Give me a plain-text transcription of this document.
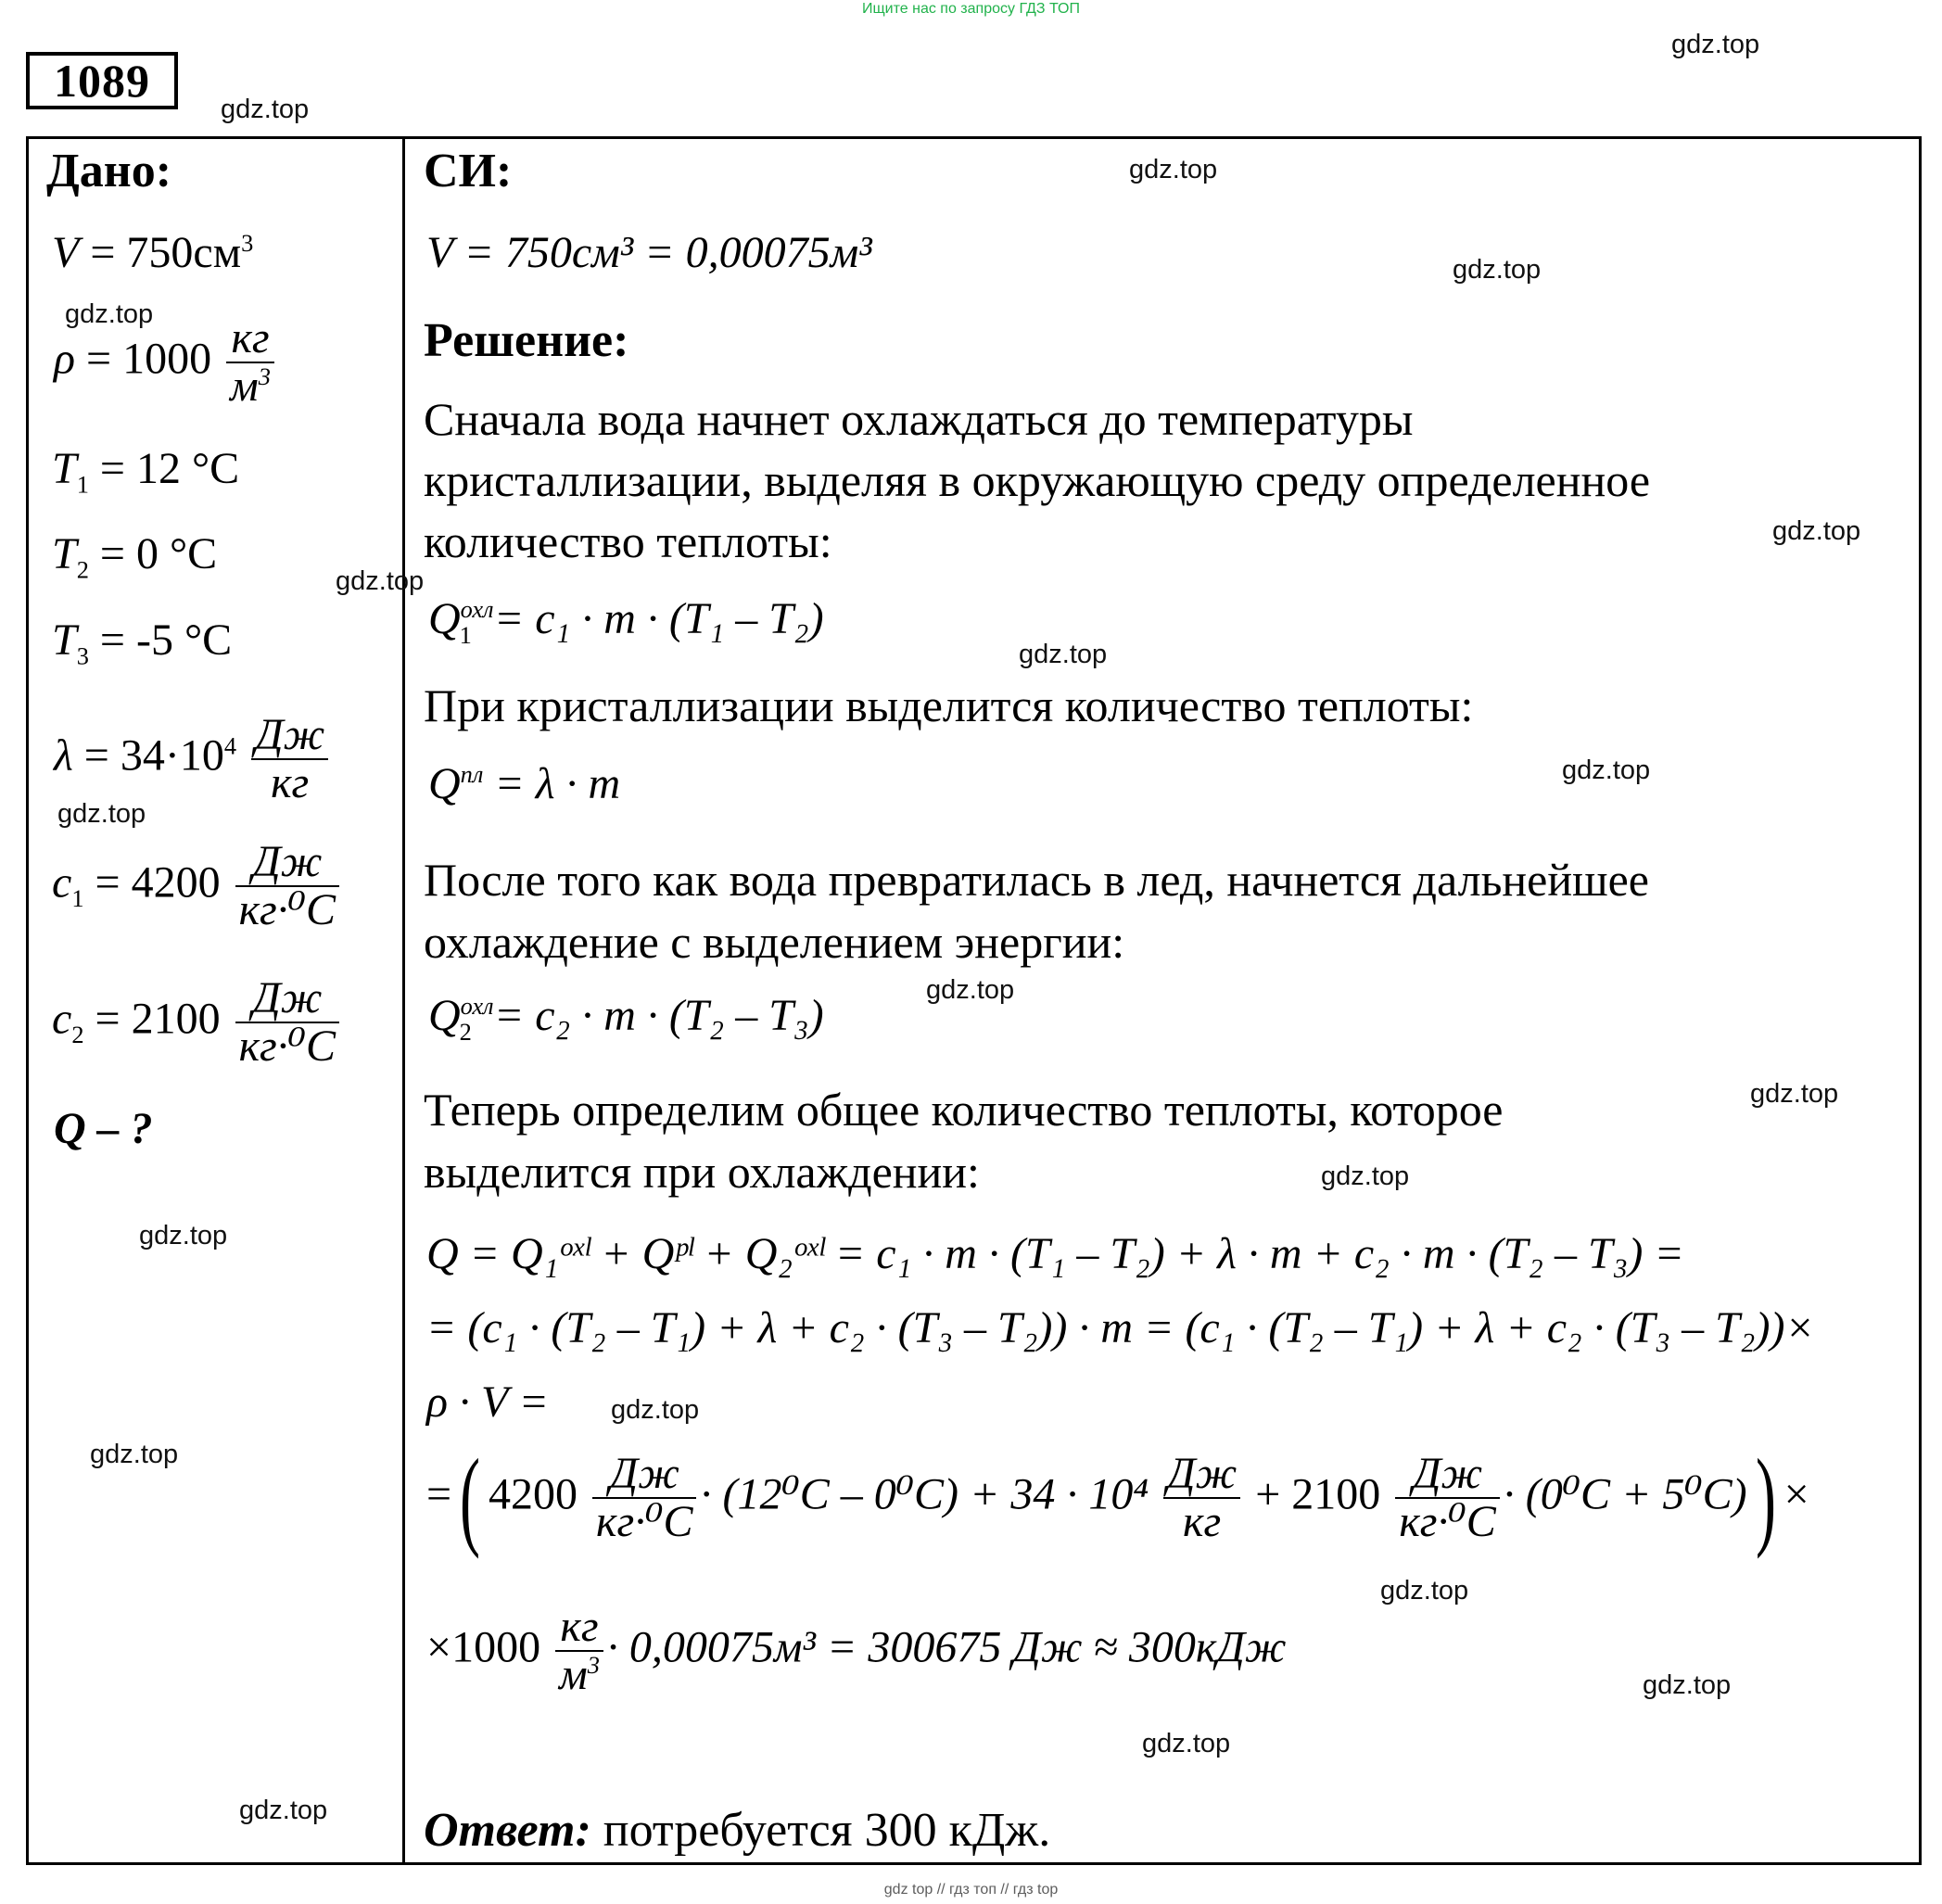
Ищите нас по запросу ГДЗ ТОП
1089
gdz.top
gdz.top
gdz.top
gdz.top
gdz.top
gdz.top
gdz.top
gdz.top
gdz.top
gdz.top
gdz.top
gdz.top
gdz.top
gdz.top
gdz.top
gdz.top
gdz.top
gdz.top
gdz.top
gdz.top
Дано:
$V = 750см^3$
$\rho = 1000 \frac{кг}{м^3}$
$T_1 = 12$ °C
$T_2 = 0$ °C
$T_3 = -5$ °C
$\lambda = 34\cdot 10^4 \frac{Дж}{кг}$
$c_1 = 4200 \frac{Дж}{\text{кг·⁰C}}$
$c_2 = 2100 \frac{Дж}{\text{кг·⁰C}}$
Q – ?
СИ:
V = 750см³ = 0,00075м³
Решение:
Сначала вода начнет охлаждаться до температуры
кристаллизации, выделяя в окружающую среду определенное
количество теплоты:
$Q^{охл}_1 = c_1 \cdot m \cdot (T_1 - T_2)$
При кристаллизации выделится количество теплоты:
$Q^{пл} = \lambda \cdot m$
После того как вода превратилась в лед, начнется дальнейшее
охлаждение с выделением энергии:
$Q^{охл}_2 = c_2 \cdot m \cdot (T_2 - T_3)$
Теперь определим общее количество теплоты, которое
выделится при охлаждении:
Q = Q₁ᵒˣˡ + Qᵖˡ + Q₂ᵒˣˡ = c₁ · m · (T₁ – T₂) + λ · m + c₂ · m · (T₂ – T₃) =
= (c₁ · (T₂ – T₁) + λ + c₂ · (T₃ – T₂)) · m = (c₁ · (T₂ – T₁) + λ + c₂ · (T₃ – T₂))×
ρ · V =
=( $4200 \frac{Дж}{\text{кг·⁰C}} \cdot (12^0C - 0^0C) + 34 \cdot 10^4 \frac{Дж}{кг} + 2100 \frac{Дж}{\text{кг·⁰C}} \cdot (0^0C + 5^0C)$) ×
$\times 1000 \frac{кг}{м^3} \cdot 0,00075м^3 = 300675$ Дж ≈ 300кДж
Ответ: потребуется 300 кДж.
gdz top // гдз топ // гдз top
